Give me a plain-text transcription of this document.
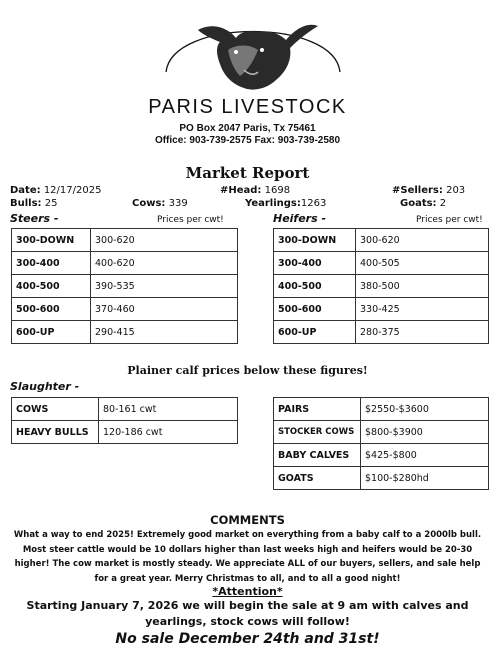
PARIS LIVESTOCK
PO Box 2047 Paris, Tx 75461
Office: 903-739-2575 Fax: 903-739-2580
Market Report
Date: 12/17/2025	#Head: 1698	#Sellers: 203
Bulls: 25	Cows: 339	Yearlings:1263	Goats: 2
Steers -	Prices per cwt!
300-DOWN	300-620
300-400	400-620
400-500	390-535
500-600	370-460
600-UP	290-415
Heifers -	Prices per cwt!
300-DOWN	300-620
300-400	400-505
400-500	380-500
500-600	330-425
600-UP	280-375
Plainer calf prices below these figures!
Slaughter -
COWS	80-161 cwt
HEAVY BULLS	120-186 cwt
PAIRS	$2550-$3600
STOCKER COWS	$800-$3900
BABY CALVES	$425-$800
GOATS	$100-$280hd
COMMENTS
What a way to end 2025! Extremely good market on everything from a baby calf to a 2000lb bull. Most steer cattle would be 10 dollars higher than last weeks high and heifers would be 20-30 higher! The cow market is mostly steady. We appreciate ALL of our buyers, sellers, and sale help for a great year. Merry Christmas to all, and to all a good night!
*Attention*
Starting January 7, 2026 we will begin the sale at 9 am with calves and yearlings, stock cows will follow!
No sale December 24th and 31st!
